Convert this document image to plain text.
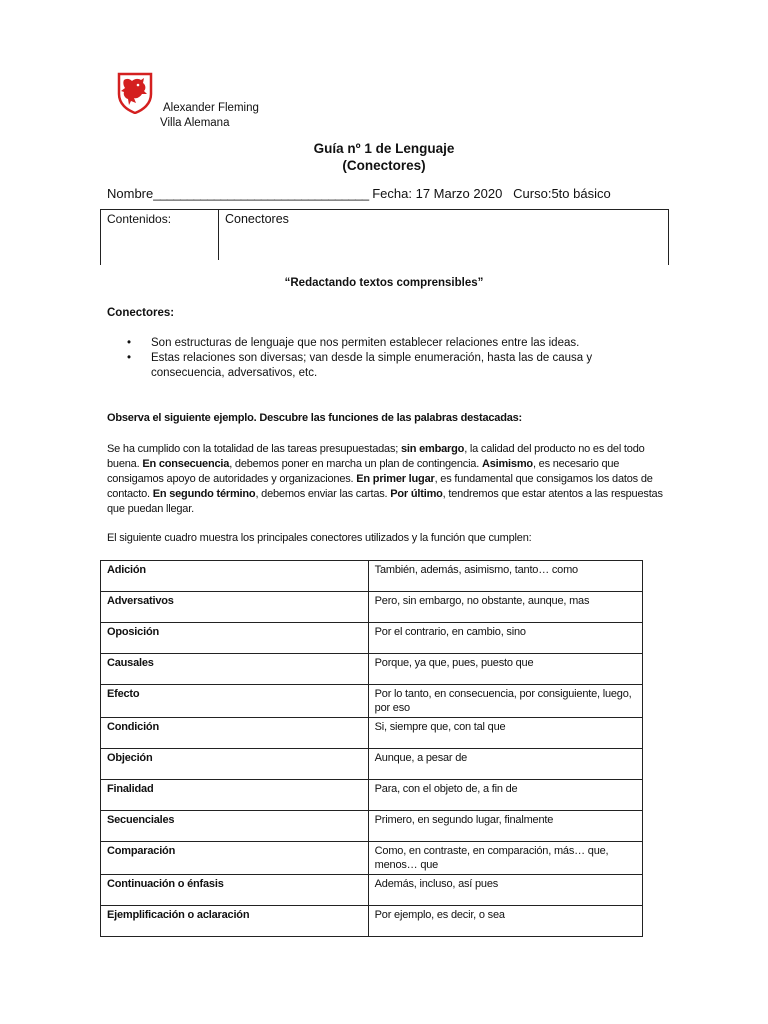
Alexander Fleming
Villa Alemana
Guía nº 1 de Lenguaje
(Conectores)
Nombre________________________________ Fecha: 17 Marzo 2020 Curso:5to básico
Contenidos:	Conectores
“Redactando textos comprensibles”
Conectores:
• Son estructuras de lenguaje que nos permiten establecer relaciones entre las ideas.
• Estas relaciones son diversas; van desde la simple enumeración, hasta las de causa y consecuencia, adversativos, etc.
Observa el siguiente ejemplo. Descubre las funciones de las palabras destacadas:
Se ha cumplido con la totalidad de las tareas presupuestadas; sin embargo, la calidad del producto no es del todo buena. En consecuencia, debemos poner en marcha un plan de contingencia. Asimismo, es necesario que consigamos apoyo de autoridades y organizaciones. En primer lugar, es fundamental que consigamos los datos de contacto. En segundo término, debemos enviar las cartas. Por último, tendremos que estar atentos a las respuestas que puedan llegar.
El siguiente cuadro muestra los principales conectores utilizados y la función que cumplen:
Adición	También, además, asimismo, tanto… como
Adversativos	Pero, sin embargo, no obstante, aunque, mas
Oposición	Por el contrario, en cambio, sino
Causales	Porque, ya que, pues, puesto que
Efecto	Por lo tanto, en consecuencia, por consiguiente, luego, por eso
Condición	Si, siempre que, con tal que
Objeción	Aunque, a pesar de
Finalidad	Para, con el objeto de, a fin de
Secuenciales	Primero, en segundo lugar, finalmente
Comparación	Como, en contraste, en comparación, más… que, menos… que
Continuación o énfasis	Además, incluso, así pues
Ejemplificación o aclaración	Por ejemplo, es decir, o sea
